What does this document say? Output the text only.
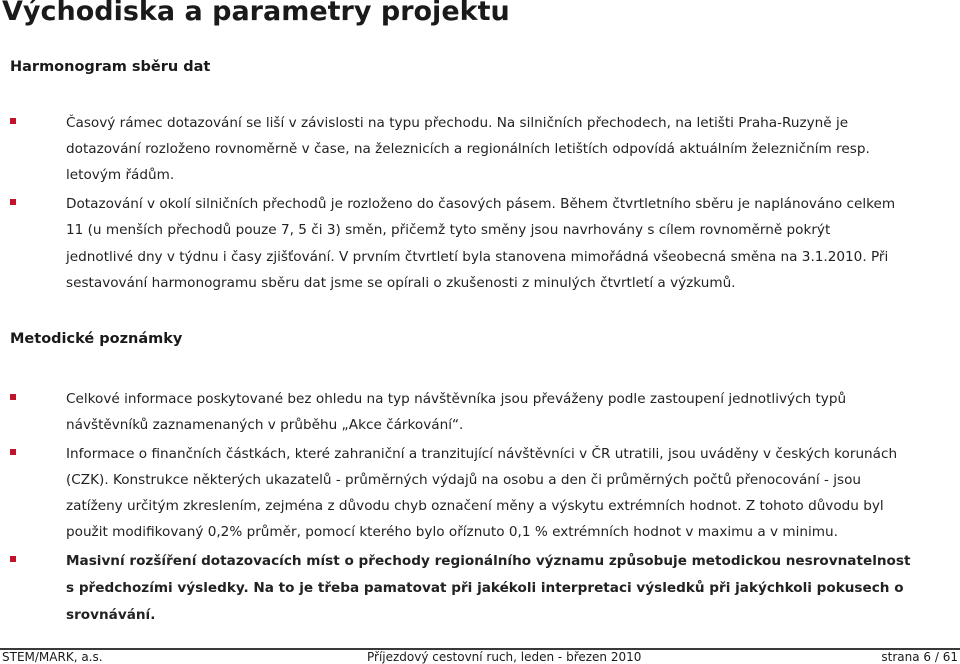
Východiska a parametry projektu
Harmonogram sběru dat
Časový rámec dotazování se liší v závislosti na typu přechodu. Na silničních přechodech, na letišti Praha-Ruzyně je
dotazování rozloženo rovnoměrně v čase, na železnicích a regionálních letištích odpovídá aktuálním železničním resp.
letovým řádům.
Dotazování v okolí silničních přechodů je rozloženo do časových pásem. Během čtvrtletního sběru je naplánováno celkem
11 (u menších přechodů pouze 7, 5 či 3) směn, přičemž tyto směny jsou navrhovány s cílem rovnoměrně pokrýt
jednotlivé dny v týdnu i časy zjišťování. V prvním čtvrtletí byla stanovena mimořádná všeobecná směna na 3.1.2010. Při
sestavování harmonogramu sběru dat jsme se opírali o zkušenosti z minulých čtvrtletí a výzkumů.
Metodické poznámky
Celkové informace poskytované bez ohledu na typ návštěvníka jsou převáženy podle zastoupení jednotlivých typů
návštěvníků zaznamenaných v průběhu „Akce čárkování“.
Informace o finančních částkách, které zahraniční a tranzitující návštěvníci v ČR utratili, jsou uváděny v českých korunách
(CZK). Konstrukce některých ukazatelů - průměrných výdajů na osobu a den či průměrných počtů přenocování - jsou
zatíženy určitým zkreslením, zejména z důvodu chyb označení měny a výskytu extrémních hodnot. Z tohoto důvodu byl
použit modifikovaný 0,2% průměr, pomocí kterého bylo oříznuto 0,1 % extrémních hodnot v maximu a v minimu.
Masivní rozšíření dotazovacích míst o přechody regionálního významu způsobuje metodickou nesrovnatelnost
s předchozími výsledky. Na to je třeba pamatovat při jakékoli interpretaci výsledků při jakýchkoli pokusech o
srovnávání.
STEM/MARK, a.s.	Příjezdový cestovní ruch, leden - březen 2010	strana 6 / 61
